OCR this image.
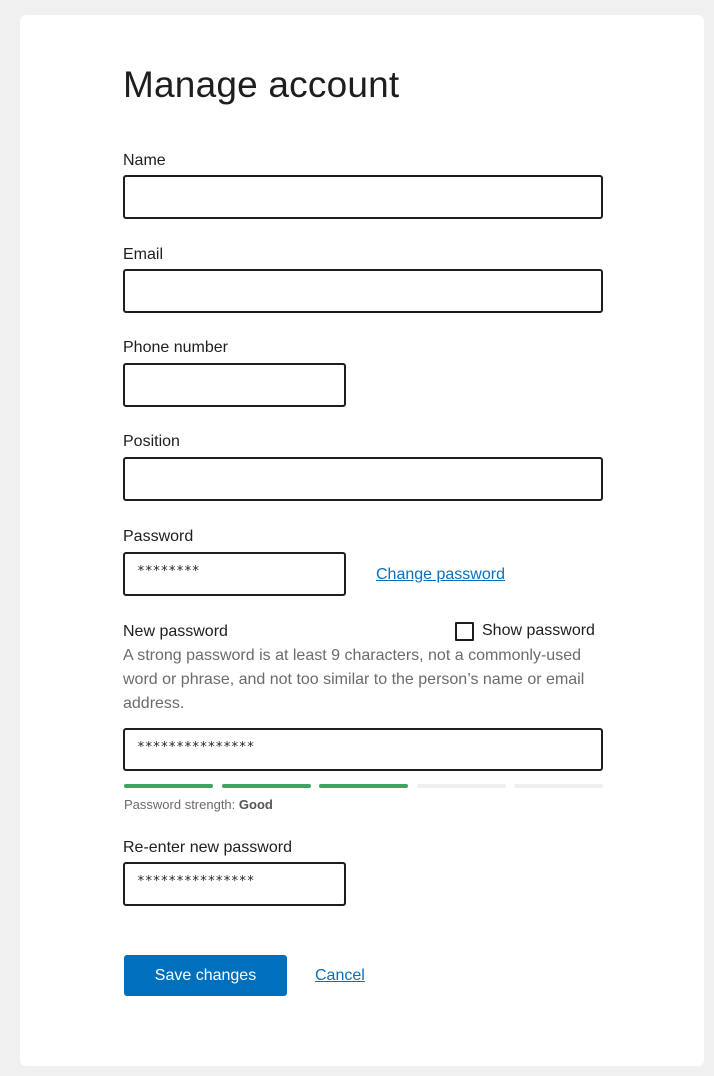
Manage account
Name
Email
Phone number
Position
Password
********	Change password
New password	Show password
A strong password is at least 9 characters, not a commonly-used word or phrase, and not too similar to the person’s name or email address.
***************
Password strength: Good
Re-enter new password
***************
Save changes	Cancel
